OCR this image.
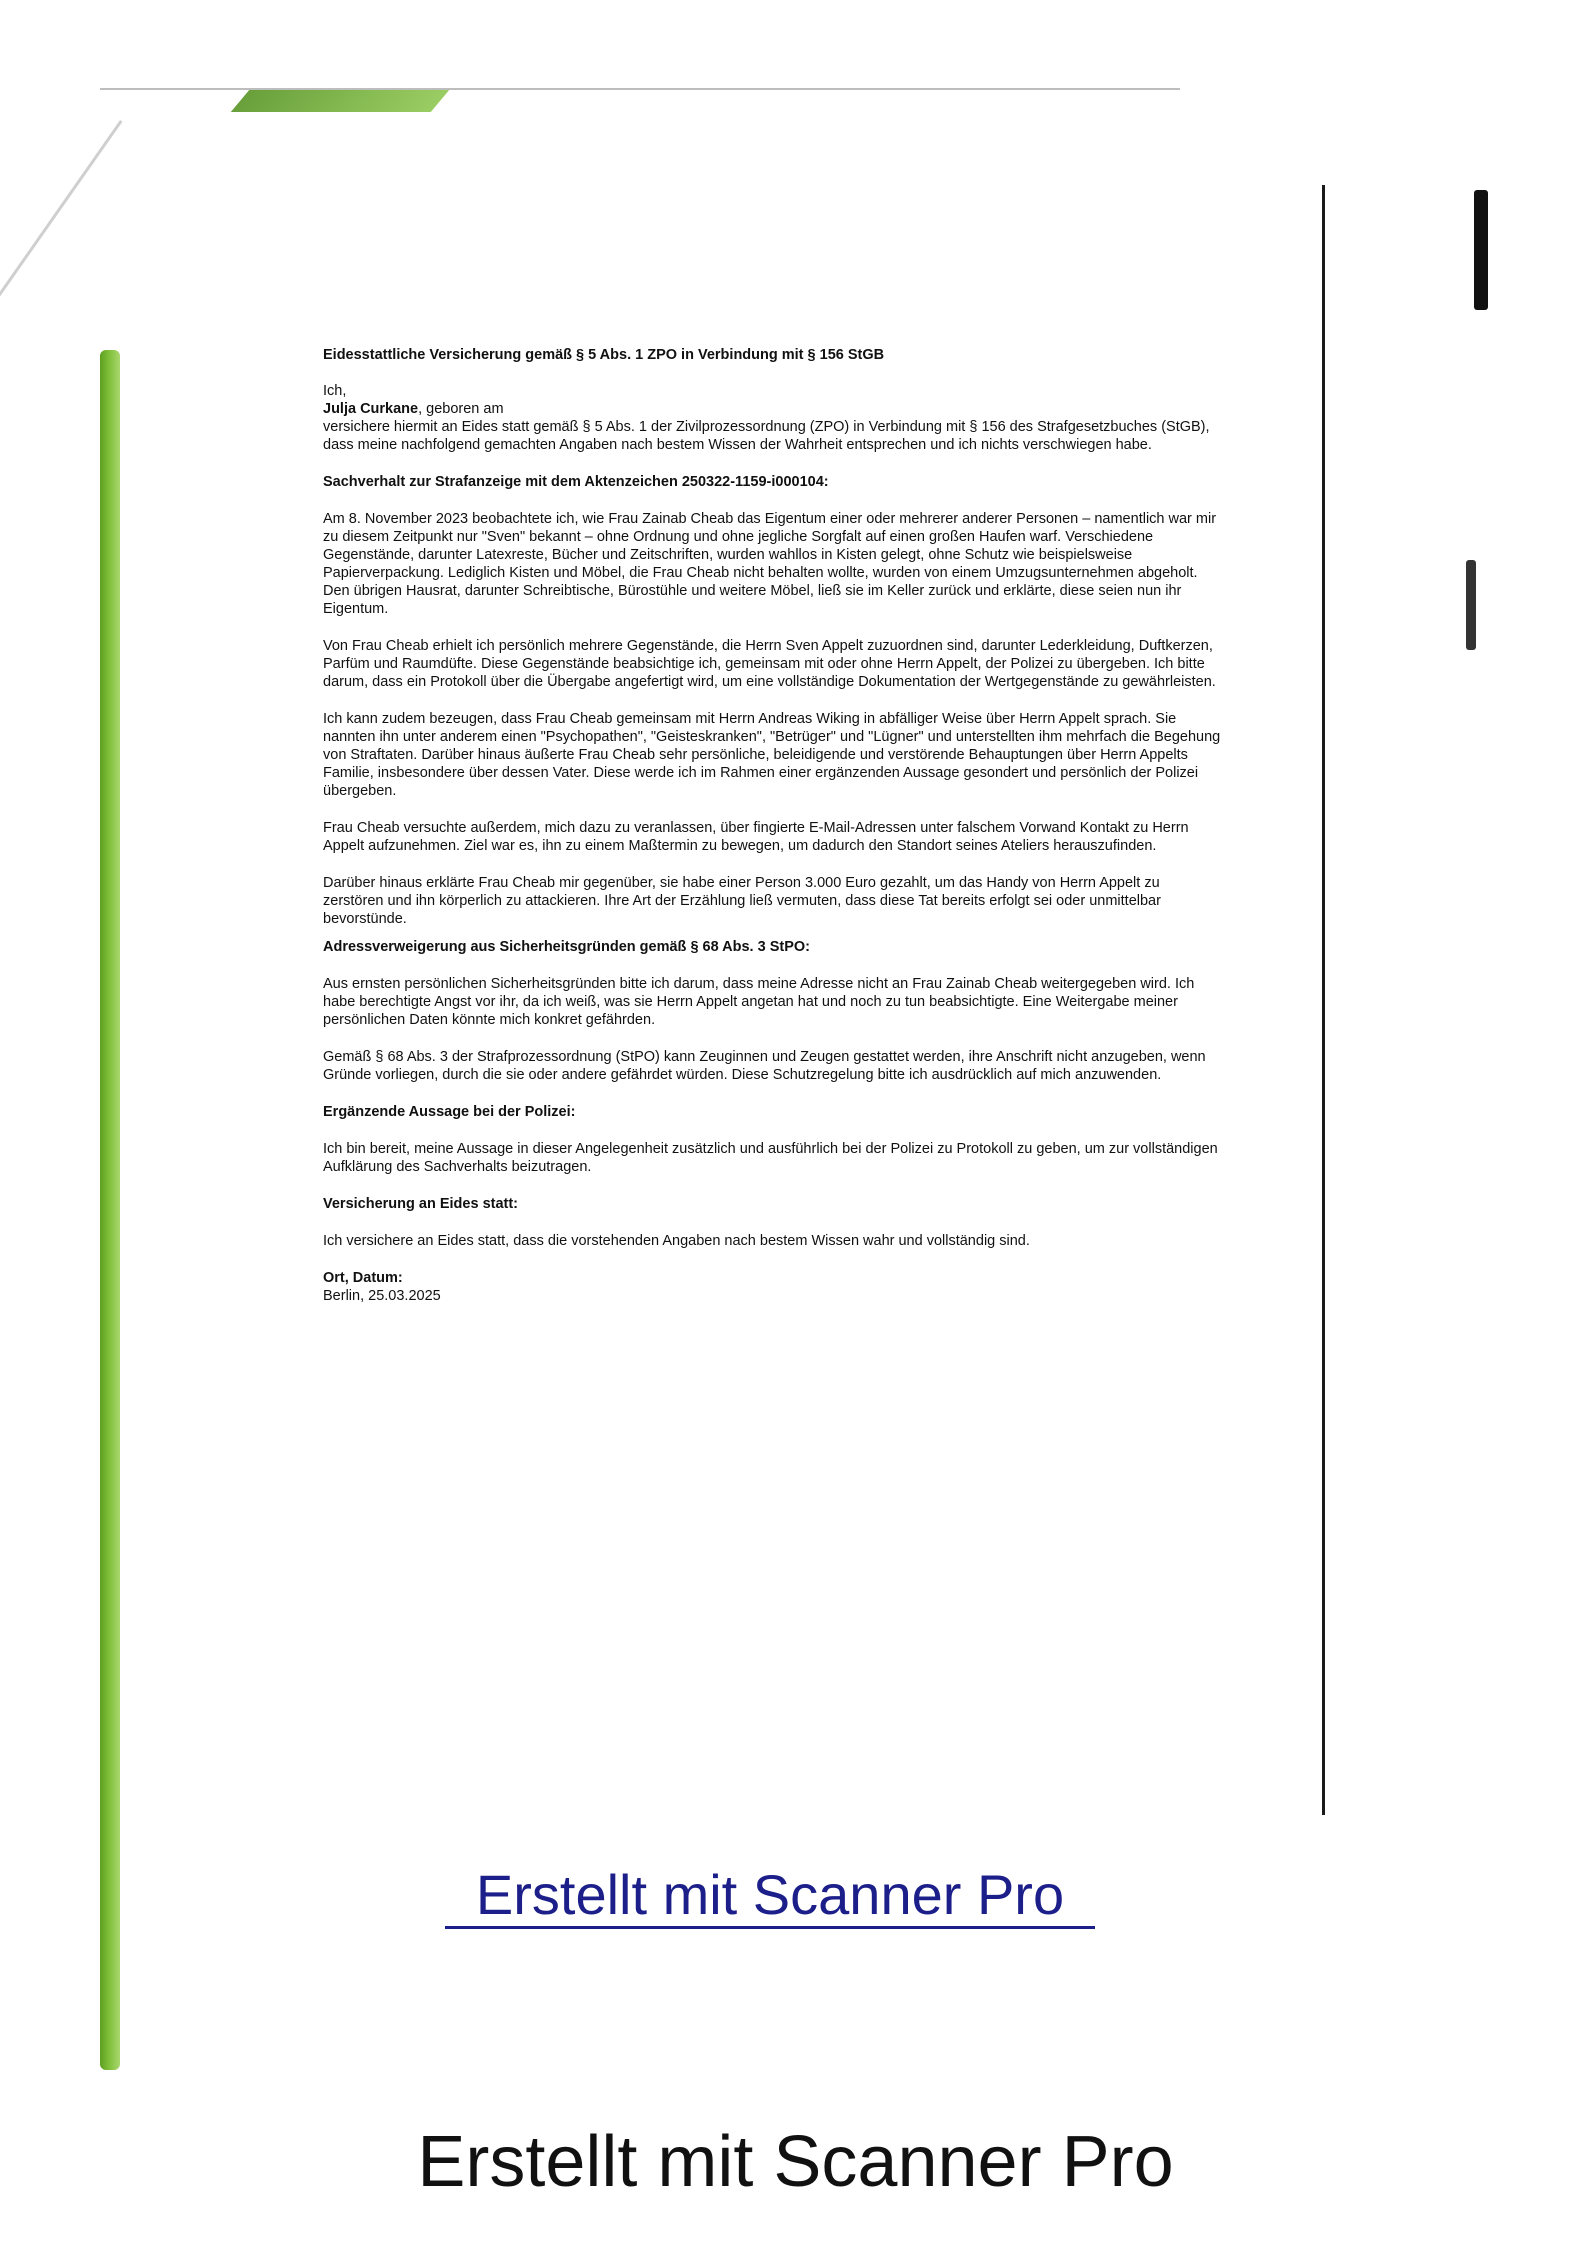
Eidesstattliche Versicherung gemäß § 5 Abs. 1 ZPO in Verbindung mit § 156 StGB

Ich,

Julja Curkane, geboren am

versichere hiermit an Eides statt gemäß § 5 Abs. 1 der Zivilprozessordnung (ZPO) in Verbindung mit § 156 des Strafgesetzbuches (StGB), dass meine nachfolgend gemachten Angaben nach bestem Wissen der Wahrheit entsprechen und ich nichts verschwiegen habe.

Sachverhalt zur Strafanzeige mit dem Aktenzeichen 250322-1159-i000104:

Am 8. November 2023 beobachtete ich, wie Frau Zainab Cheab das Eigentum einer oder mehrerer anderer Personen – namentlich war mir zu diesem Zeitpunkt nur "Sven" bekannt – ohne Ordnung und ohne jegliche Sorgfalt auf einen großen Haufen warf. Verschiedene Gegenstände, darunter Latexreste, Bücher und Zeitschriften, wurden wahllos in Kisten gelegt, ohne Schutz wie beispielsweise Papierverpackung. Lediglich Kisten und Möbel, die Frau Cheab nicht behalten wollte, wurden von einem Umzugsunternehmen abgeholt. Den übrigen Hausrat, darunter Schreibtische, Bürostühle und weitere Möbel, ließ sie im Keller zurück und erklärte, diese seien nun ihr Eigentum.

Von Frau Cheab erhielt ich persönlich mehrere Gegenstände, die Herrn Sven Appelt zuzuordnen sind, darunter Lederkleidung, Duftkerzen, Parfüm und Raumdüfte. Diese Gegenstände beabsichtige ich, gemeinsam mit oder ohne Herrn Appelt, der Polizei zu übergeben. Ich bitte darum, dass ein Protokoll über die Übergabe angefertigt wird, um eine vollständige Dokumentation der Wertgegenstände zu gewährleisten.

Ich kann zudem bezeugen, dass Frau Cheab gemeinsam mit Herrn Andreas Wiking in abfälliger Weise über Herrn Appelt sprach. Sie nannten ihn unter anderem einen "Psychopathen", "Geisteskranken", "Betrüger" und "Lügner" und unterstellten ihm mehrfach die Begehung von Straftaten. Darüber hinaus äußerte Frau Cheab sehr persönliche, beleidigende und verstörende Behauptungen über Herrn Appelts Familie, insbesondere über dessen Vater. Diese werde ich im Rahmen einer ergänzenden Aussage gesondert und persönlich der Polizei übergeben.

Frau Cheab versuchte außerdem, mich dazu zu veranlassen, über fingierte E-Mail-Adressen unter falschem Vorwand Kontakt zu Herrn Appelt aufzunehmen. Ziel war es, ihn zu einem Maßtermin zu bewegen, um dadurch den Standort seines Ateliers herauszufinden.

Darüber hinaus erklärte Frau Cheab mir gegenüber, sie habe einer Person 3.000 Euro gezahlt, um das Handy von Herrn Appelt zu zerstören und ihn körperlich zu attackieren. Ihre Art der Erzählung ließ vermuten, dass diese Tat bereits erfolgt sei oder unmittelbar bevorstünde.

Adressverweigerung aus Sicherheitsgründen gemäß § 68 Abs. 3 StPO:

Aus ernsten persönlichen Sicherheitsgründen bitte ich darum, dass meine Adresse nicht an Frau Zainab Cheab weitergegeben wird. Ich habe berechtigte Angst vor ihr, da ich weiß, was sie Herrn Appelt angetan hat und noch zu tun beabsichtigte. Eine Weitergabe meiner persönlichen Daten könnte mich konkret gefährden.

Gemäß § 68 Abs. 3 der Strafprozessordnung (StPO) kann Zeuginnen und Zeugen gestattet werden, ihre Anschrift nicht anzugeben, wenn Gründe vorliegen, durch die sie oder andere gefährdet würden. Diese Schutzregelung bitte ich ausdrücklich auf mich anzuwenden.

Ergänzende Aussage bei der Polizei:

Ich bin bereit, meine Aussage in dieser Angelegenheit zusätzlich und ausführlich bei der Polizei zu Protokoll zu geben, um zur vollständigen Aufklärung des Sachverhalts beizutragen.

Versicherung an Eides statt:

Ich versichere an Eides statt, dass die vorstehenden Angaben nach bestem Wissen wahr und vollständig sind.

Ort, Datum:

Berlin, 25.03.2025

Erstellt mit Scanner Pro
Erstellt mit Scanner Pro
